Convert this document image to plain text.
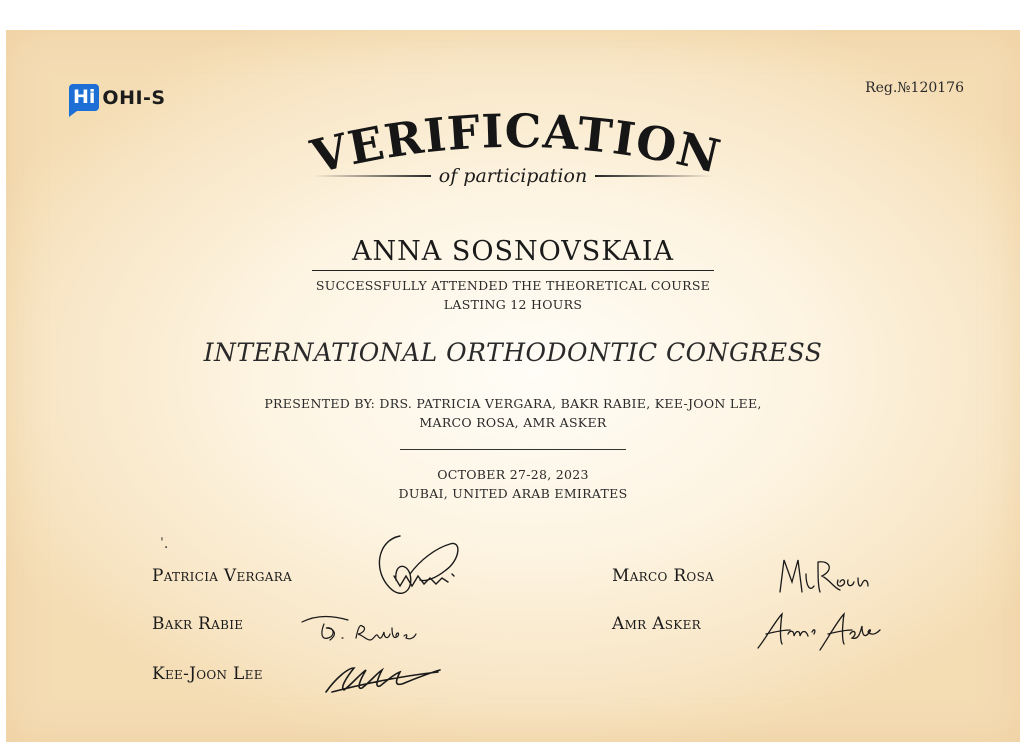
Hi OHI-S	Reg.№120176
VERIFICATION
of participation
ANNA SOSNOVSKAIA
SUCCESSFULLY ATTENDED THE THEORETICAL COURSE
LASTING 12 HOURS
INTERNATIONAL ORTHODONTIC CONGRESS
PRESENTED BY: DRS. PATRICIA VERGARA, BAKR RABIE, KEE-JOON LEE,
MARCO ROSA, AMR ASKER
OCTOBER 27-28, 2023
DUBAI, UNITED ARAB EMIRATES
ˈ.
Patricia Vergara
Bakr Rabie
Kee-Joon Lee
Marco Rosa
Amr Asker
